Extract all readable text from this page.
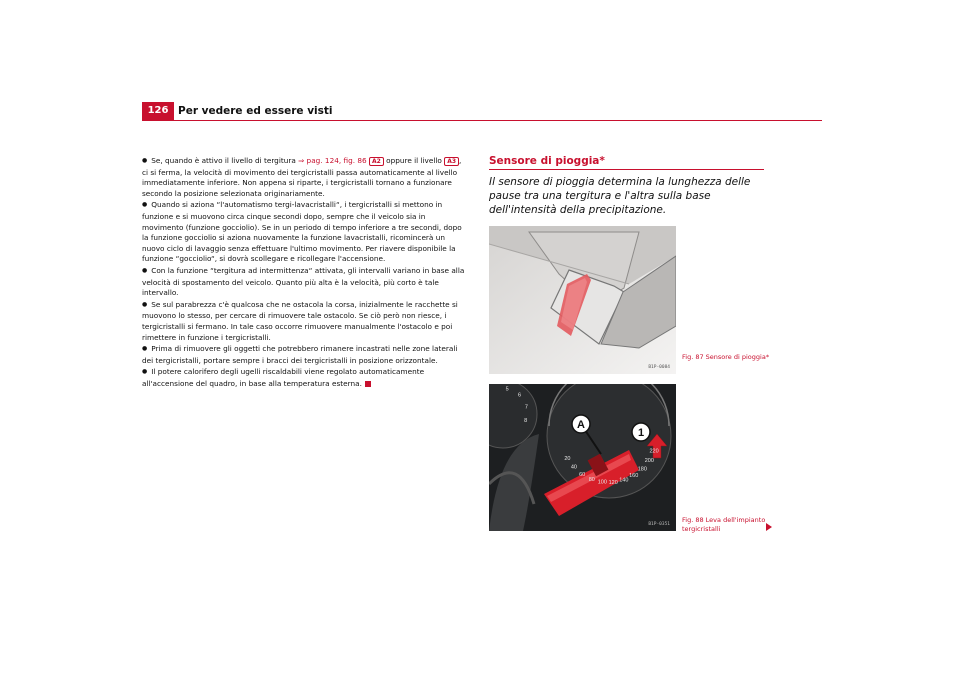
126 Per vedere ed essere visti

● Se, quando è attivo il livello di tergitura ⇒ pag. 124, fig. 86 A2 oppure il livello A3 , ci si ferma, la velocità di movimento dei tergicristalli passa automaticamente al livello immediatamente inferiore. Non appena si riparte, i tergicristalli tornano a funzionare secondo la posizione selezionata originariamente.

● Quando si aziona “l'automatismo tergi-lavacristalli“, i tergicristalli si mettono in funzione e si muovono circa cinque secondi dopo, sempre che il veicolo sia in movimento (funzione gocciolio). Se in un periodo di tempo inferiore a tre secondi, dopo la funzione gocciolio si aziona nuovamente la funzione lavacristalli, ricomincerà un nuovo ciclo di lavaggio senza effettuare l'ultimo movimento. Per riavere disponibile la funzione “gocciolio“, si dovrà scollegare e ricollegare l'accensione.

● Con la funzione “tergitura ad intermittenza“ attivata, gli intervalli variano in base alla velocità di spostamento del veicolo. Quanto più alta è la velocità, più corto è tale intervallo.

● Se sul parabrezza c'è qualcosa che ne ostacola la corsa, inizialmente le racchette si muovono lo stesso, per cercare di rimuovere tale ostacolo. Se ciò però non riesce, i tergicristalli si fermano. In tale caso occorre rimuovere manualmente l'ostacolo e poi rimettere in funzione i tergicristalli.

● Prima di rimuovere gli oggetti che potrebbero rimanere incastrati nelle zone laterali dei tergicristalli, portare sempre i bracci dei tergicristalli in posizione orizzontale.

● Il potere calorifero degli ugelli riscaldabili viene regolato automaticamente all'accensione del quadro, in base alla temperatura esterna.

Sensore di pioggia*
Il sensore di pioggia determina la lunghezza delle pause tra una tergitura e l'altra sulla base dell'intensità della precipitazione.
B1P-0084
Fig. 87 Sensore di pioggia*
A
1
20
40
60
80 100 120 140
160
180
200
220
5
6
7
8
B1P-0351
Fig. 88 Leva dell'impianto tergicristalli
